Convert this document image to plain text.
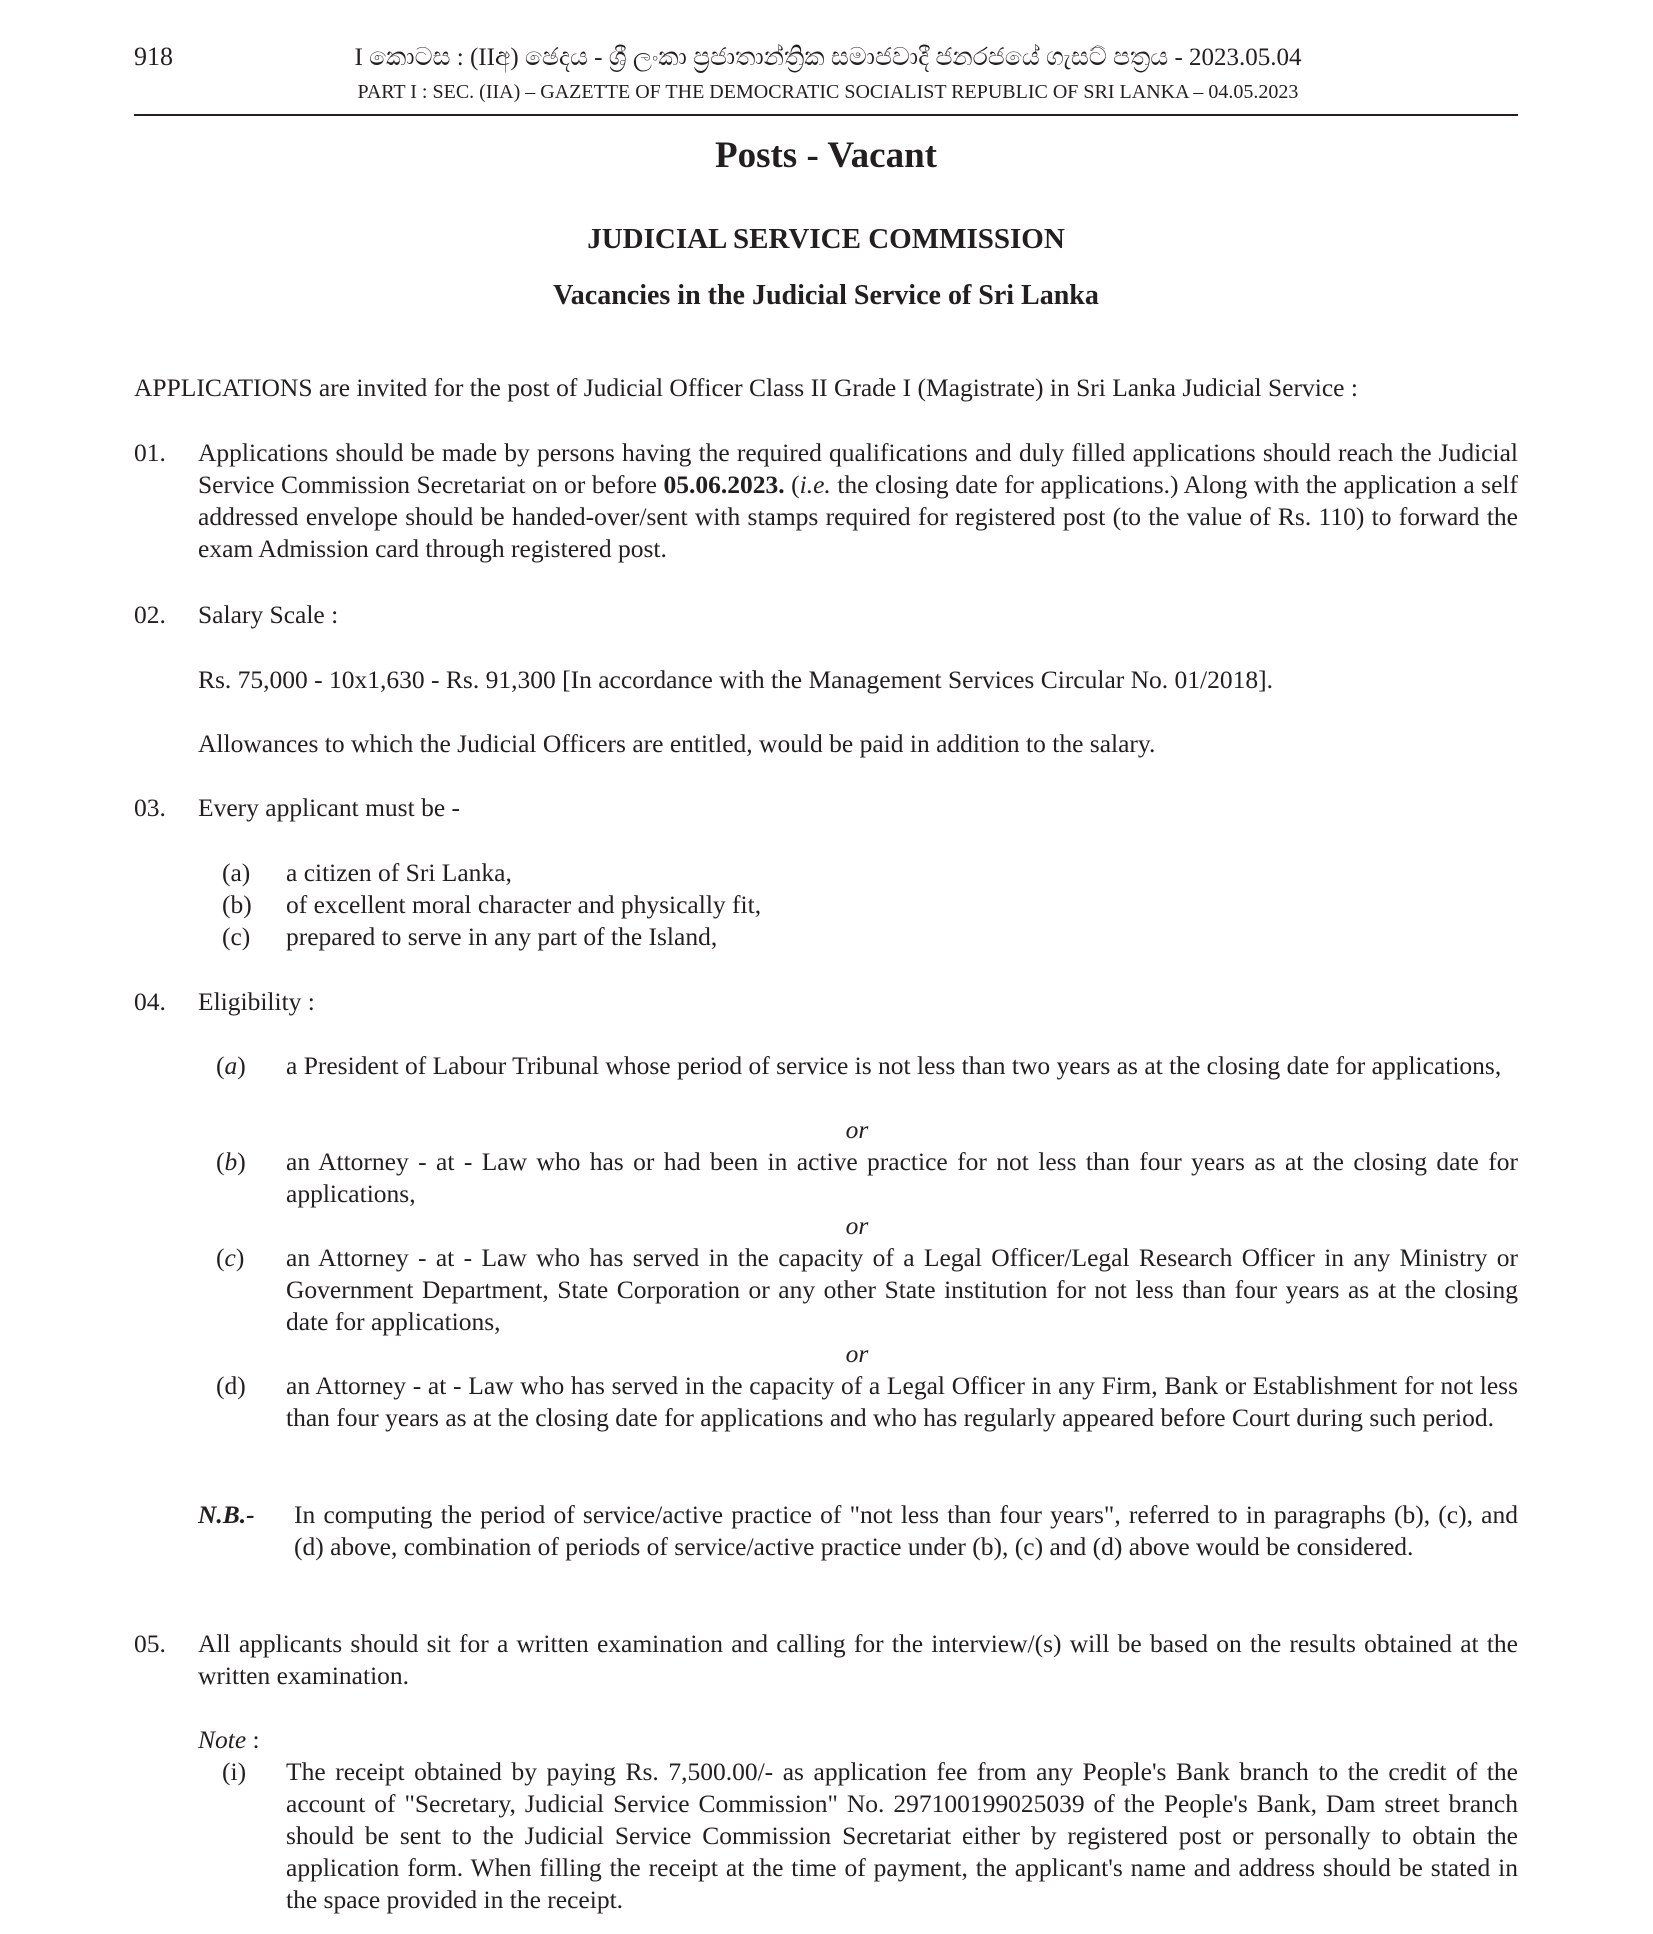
918	I කොටස : (IIඅ) ඡෙදය - ශ්‍රී ලංකා ප්‍රජාතාන්ත්‍රික සමාජවාදී ජනරජයේ ගැසට් පත්‍රය - 2023.05.04
PART I : SEC. (IIA) – GAZETTE OF THE DEMOCRATIC SOCIALIST REPUBLIC OF SRI LANKA – 04.05.2023
Posts - Vacant
JUDICIAL SERVICE COMMISSION
Vacancies in the Judicial Service of Sri Lanka
APPLICATIONS are invited for the post of Judicial Officer Class II Grade I (Magistrate) in Sri Lanka Judicial Service :
01. Applications should be made by persons having the required qualifications and duly filled applications should reach the Judicial Service Commission Secretariat on or before 05.06.2023. (i.e. the closing date for applications.) Along with the application a self addressed envelope should be handed-over/sent with stamps required for registered post (to the value of Rs. 110) to forward the exam Admission card through registered post.
02. Salary Scale :
Rs. 75,000 - 10x1,630 - Rs. 91,300 [In accordance with the Management Services Circular No. 01/2018].
Allowances to which the Judicial Officers are entitled, would be paid in addition to the salary.
03. Every applicant must be -
(a) a citizen of Sri Lanka,
(b) of excellent moral character and physically fit,
(c) prepared to serve in any part of the Island,
04. Eligibility :
(a) a President of Labour Tribunal whose period of service is not less than two years as at the closing date for applications,
or
(b) an Attorney - at - Law who has or had been in active practice for not less than four years as at the closing date for applications,
or
(c) an Attorney - at - Law who has served in the capacity of a Legal Officer/Legal Research Officer in any Ministry or Government Department, State Corporation or any other State institution for not less than four years as at the closing date for applications,
or
(d) an Attorney - at - Law who has served in the capacity of a Legal Officer in any Firm, Bank or Establishment for not less than four years as at the closing date for applications and who has regularly appeared before Court during such period.
N.B.- In computing the period of service/active practice of "not less than four years", referred to in paragraphs (b), (c), and (d) above, combination of periods of service/active practice under (b), (c) and (d) above would be considered.
05. All applicants should sit for a written examination and calling for the interview/(s) will be based on the results obtained at the written examination.
Note :
(i) The receipt obtained by paying Rs. 7,500.00/- as application fee from any People's Bank branch to the credit of the account of "Secretary, Judicial Service Commission" No. 297100199025039 of the People's Bank, Dam street branch should be sent to the Judicial Service Commission Secretariat either by registered post or personally to obtain the application form. When filling the receipt at the time of payment, the applicant's name and address should be stated in the space provided in the receipt.
